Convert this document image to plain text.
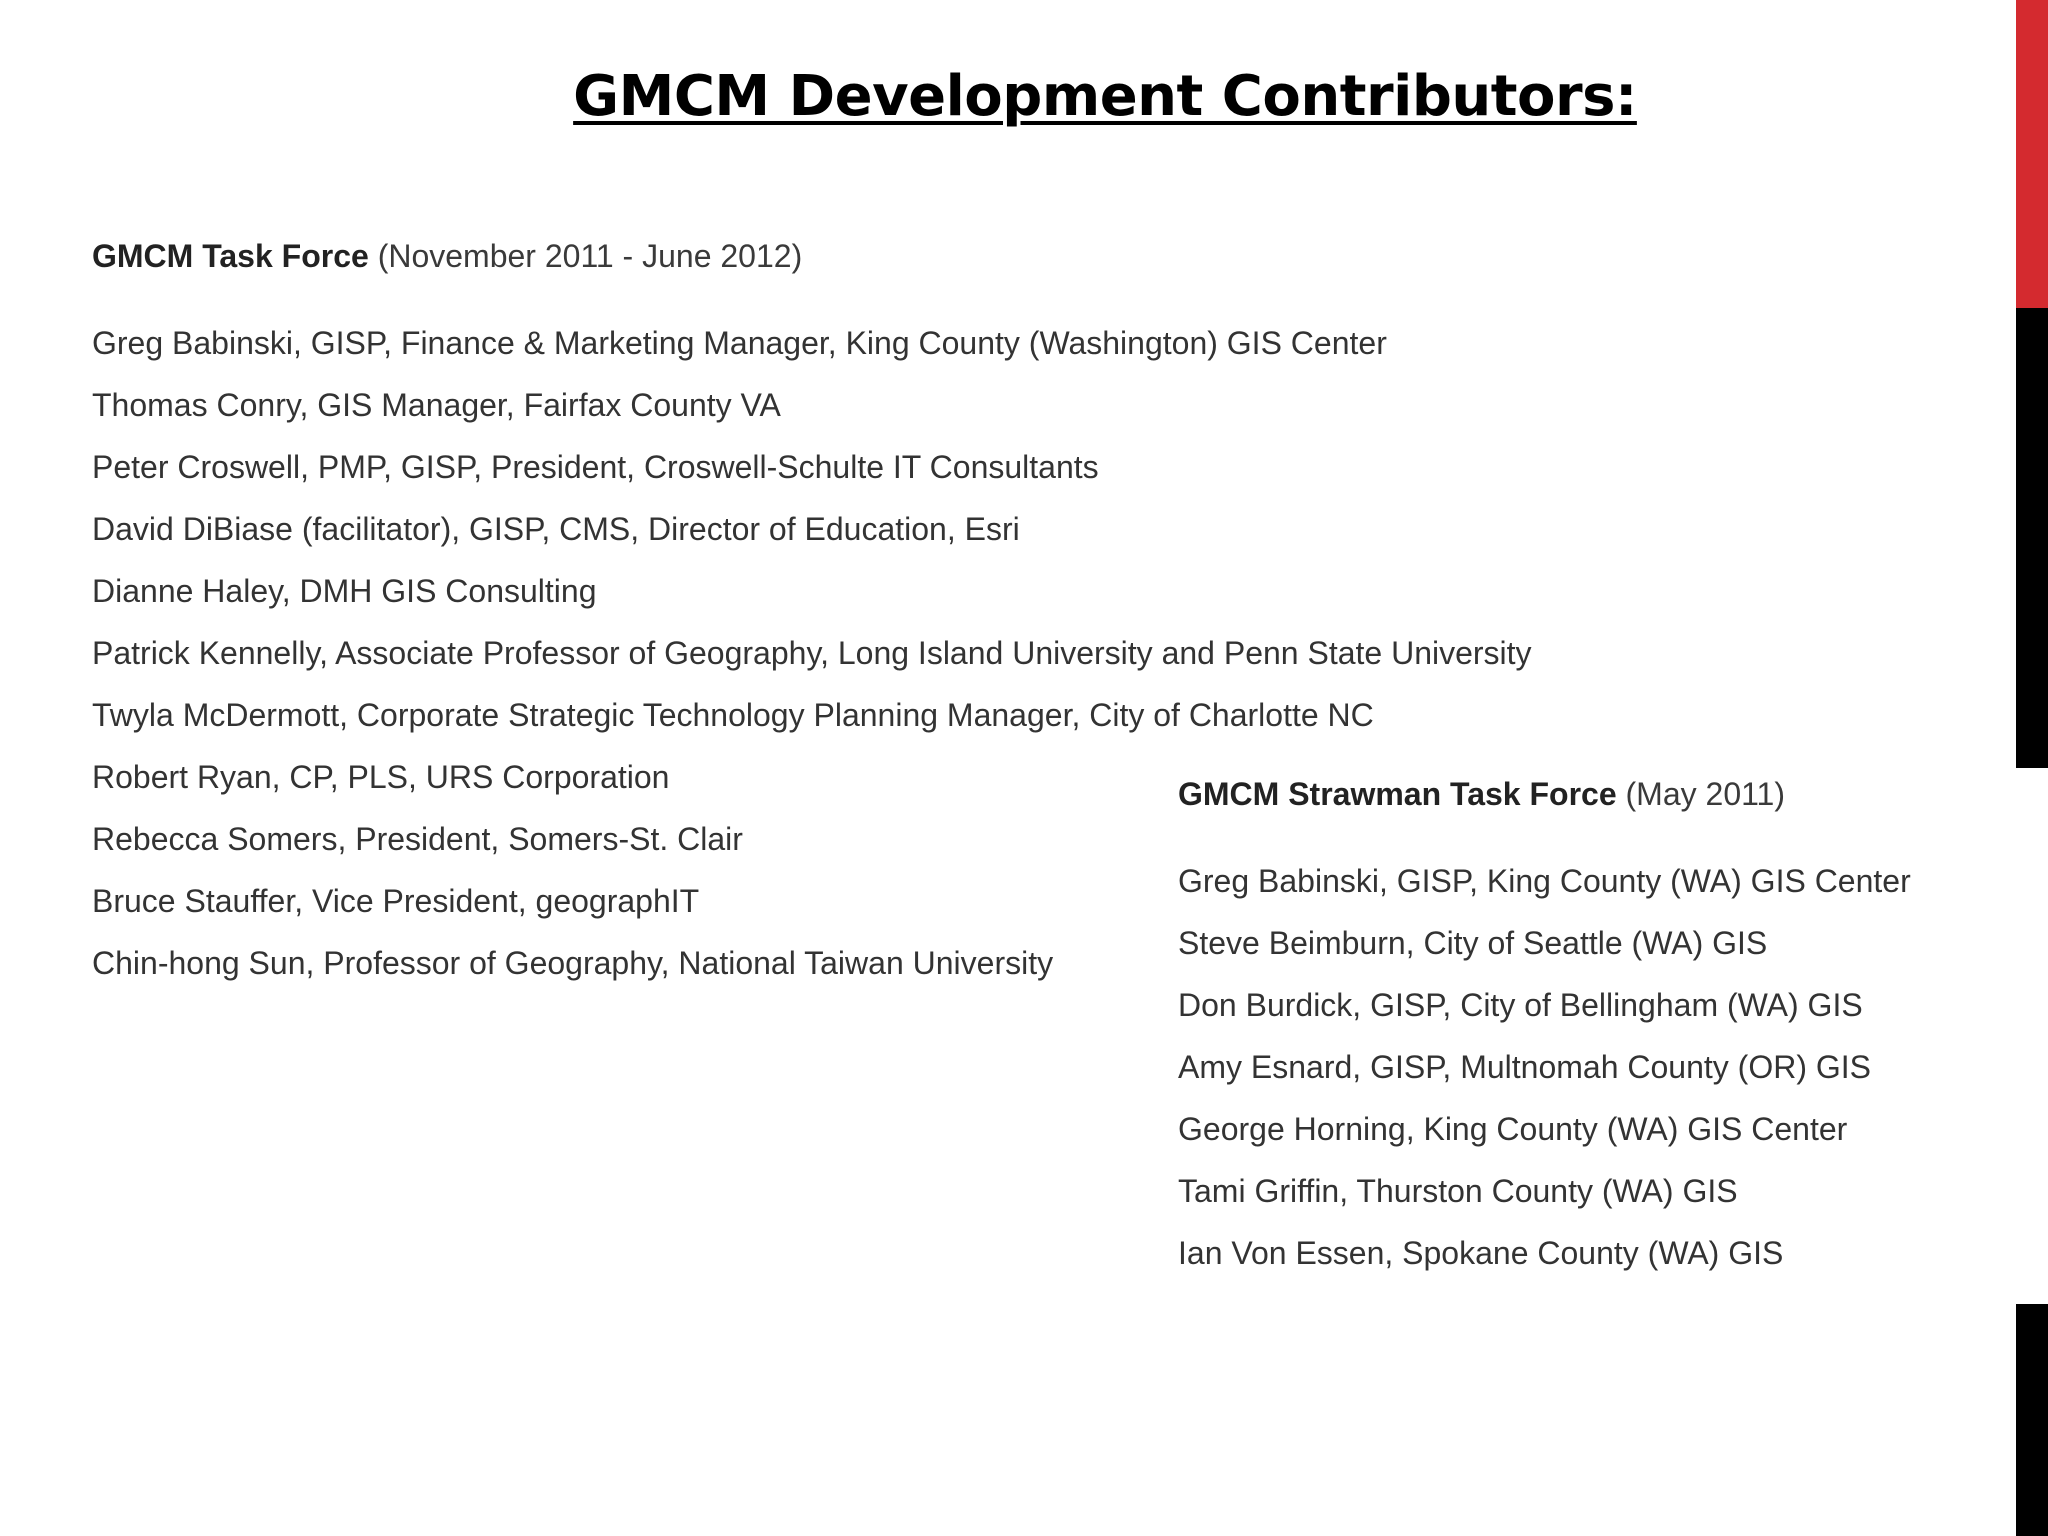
GMCM Development Contributors:

GMCM Task Force (November 2011 - June 2012)

Greg Babinski, GISP, Finance & Marketing Manager, King County (Washington) GIS Center
Thomas Conry, GIS Manager, Fairfax County VA
Peter Croswell, PMP, GISP, President, Croswell-Schulte IT Consultants
David DiBiase (facilitator), GISP, CMS, Director of Education, Esri
Dianne Haley, DMH GIS Consulting
Patrick Kennelly, Associate Professor of Geography, Long Island University and Penn State University
Twyla McDermott, Corporate Strategic Technology Planning Manager, City of Charlotte NC
Robert Ryan, CP, PLS, URS Corporation
Rebecca Somers, President, Somers-St. Clair
Bruce Stauffer, Vice President, geographIT
Chin-hong Sun, Professor of Geography, National Taiwan University

GMCM Strawman Task Force (May 2011)

Greg Babinski, GISP, King County (WA) GIS Center
Steve Beimburn, City of Seattle (WA) GIS
Don Burdick, GISP, City of Bellingham (WA) GIS
Amy Esnard, GISP, Multnomah County (OR) GIS
George Horning, King County (WA) GIS Center
Tami Griffin, Thurston County (WA) GIS
Ian Von Essen, Spokane County (WA) GIS
